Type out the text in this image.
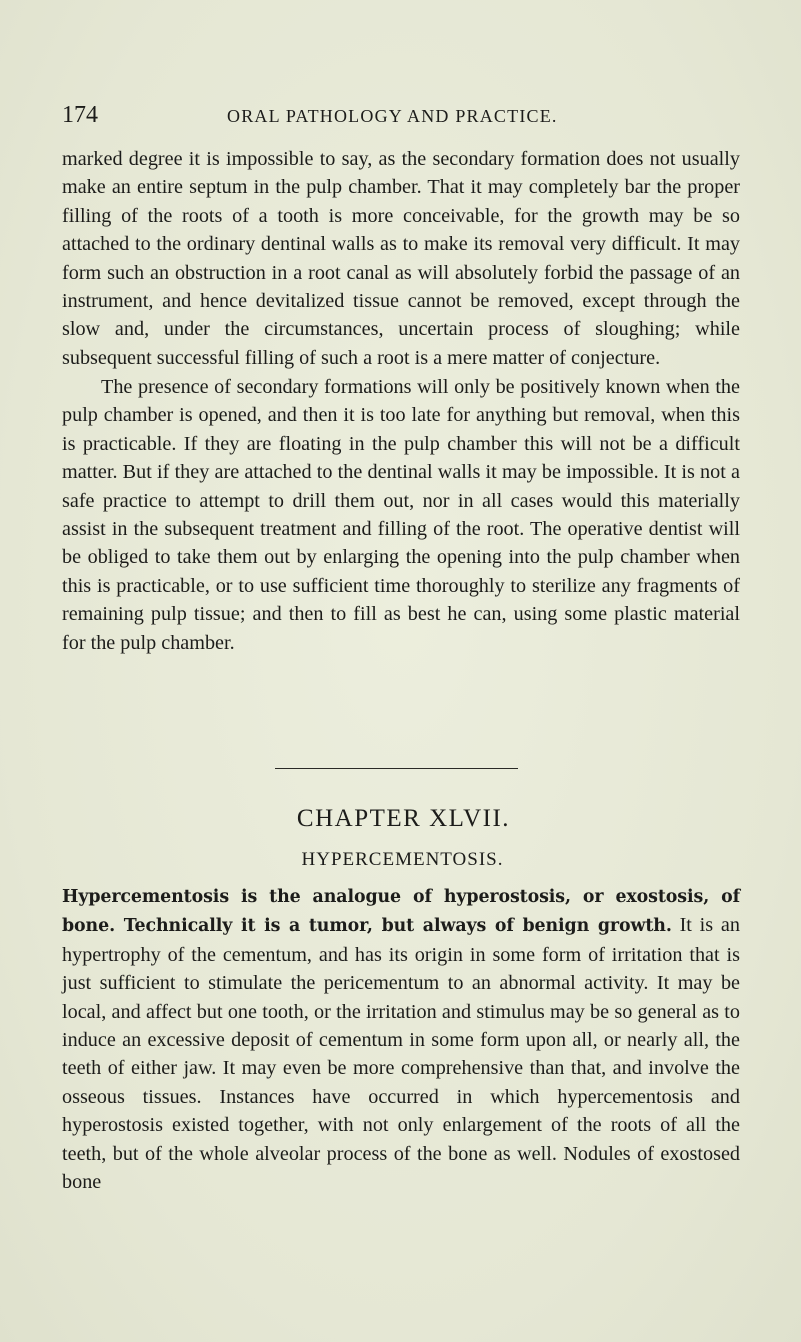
174	ORAL PATHOLOGY AND PRACTICE.

marked degree it is impossible to say, as the secondary formation does not usually make an entire septum in the pulp chamber. That it may completely bar the proper filling of the roots of a tooth is more conceivable, for the growth may be so attached to the ordinary dentinal walls as to make its removal very difficult. It may form such an obstruction in a root canal as will absolutely forbid the passage of an instrument, and hence devitalized tissue cannot be removed, except through the slow and, under the circumstances, uncertain process of sloughing; while subsequent successful filling of such a root is a mere matter of conjecture.

The presence of secondary formations will only be positively known when the pulp chamber is opened, and then it is too late for anything but removal, when this is practicable. If they are floating in the pulp chamber this will not be a difficult matter. But if they are attached to the dentinal walls it may be impossible. It is not a safe practice to attempt to drill them out, nor in all cases would this materially assist in the subsequent treatment and filling of the root. The operative dentist will be obliged to take them out by enlarging the opening into the pulp chamber when this is practicable, or to use sufficient time thoroughly to sterilize any fragments of remaining pulp tissue; and then to fill as best he can, using some plastic material for the pulp chamber.

CHAPTER XLVII.
HYPERCEMENTOSIS.

Hypercementosis is the analogue of hyperostosis, or exostosis, of bone. Technically it is a tumor, but always of benign growth. It is an hypertrophy of the cementum, and has its origin in some form of irritation that is just sufficient to stimulate the pericementum to an abnormal activity. It may be local, and affect but one tooth, or the irritation and stimulus may be so general as to induce an excessive deposit of cementum in some form upon all, or nearly all, the teeth of either jaw. It may even be more comprehensive than that, and involve the osseous tissues. Instances have occurred in which hypercementosis and hyperostosis existed together, with not only enlargement of the roots of all the teeth, but of the whole alveolar process of the bone as well. Nodules of exostosed bone
